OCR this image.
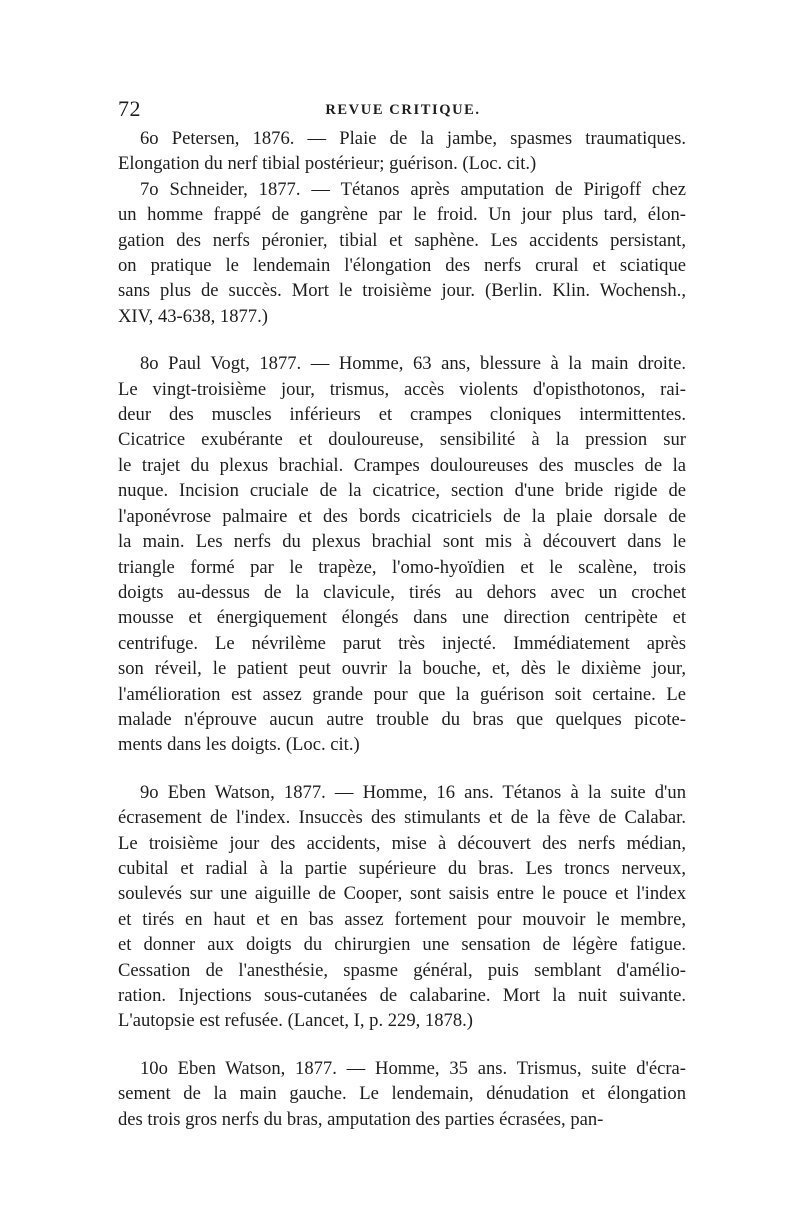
72	REVUE CRITIQUE.

6o Petersen, 1876. — Plaie de la jambe, spasmes traumatiques.
Elongation du nerf tibial postérieur; guérison. (Loc. cit.)

7o Schneider, 1877. — Tétanos après amputation de Pirigoff chez
un homme frappé de gangrène par le froid. Un jour plus tard, élon-
gation des nerfs péronier, tibial et saphène. Les accidents persistant,
on pratique le lendemain l'élongation des nerfs crural et sciatique
sans plus de succès. Mort le troisième jour. (Berlin. Klin. Wochensh.,
XIV, 43-638, 1877.)

8o Paul Vogt, 1877. — Homme, 63 ans, blessure à la main droite.
Le vingt-troisième jour, trismus, accès violents d'opisthotonos, rai-
deur des muscles inférieurs et crampes cloniques intermittentes.
Cicatrice exubérante et douloureuse, sensibilité à la pression sur
le trajet du plexus brachial. Crampes douloureuses des muscles de la
nuque. Incision cruciale de la cicatrice, section d'une bride rigide de
l'aponévrose palmaire et des bords cicatriciels de la plaie dorsale de
la main. Les nerfs du plexus brachial sont mis à découvert dans le
triangle formé par le trapèze, l'omo-hyoïdien et le scalène, trois
doigts au-dessus de la clavicule, tirés au dehors avec un crochet
mousse et énergiquement élongés dans une direction centripète et
centrifuge. Le névrilème parut très injecté. Immédiatement après
son réveil, le patient peut ouvrir la bouche, et, dès le dixième jour,
l'amélioration est assez grande pour que la guérison soit certaine. Le
malade n'éprouve aucun autre trouble du bras que quelques picote-
ments dans les doigts. (Loc. cit.)

9o Eben Watson, 1877. — Homme, 16 ans. Tétanos à la suite d'un
écrasement de l'index. Insuccès des stimulants et de la fève de Calabar.
Le troisième jour des accidents, mise à découvert des nerfs médian,
cubital et radial à la partie supérieure du bras. Les troncs nerveux,
soulevés sur une aiguille de Cooper, sont saisis entre le pouce et l'index
et tirés en haut et en bas assez fortement pour mouvoir le membre,
et donner aux doigts du chirurgien une sensation de légère fatigue.
Cessation de l'anesthésie, spasme général, puis semblant d'amélio-
ration. Injections sous-cutanées de calabarine. Mort la nuit suivante.
L'autopsie est refusée. (Lancet, I, p. 229, 1878.)

10o Eben Watson, 1877. — Homme, 35 ans. Trismus, suite d'écra-
sement de la main gauche. Le lendemain, dénudation et élongation
des trois gros nerfs du bras, amputation des parties écrasées, pan-
